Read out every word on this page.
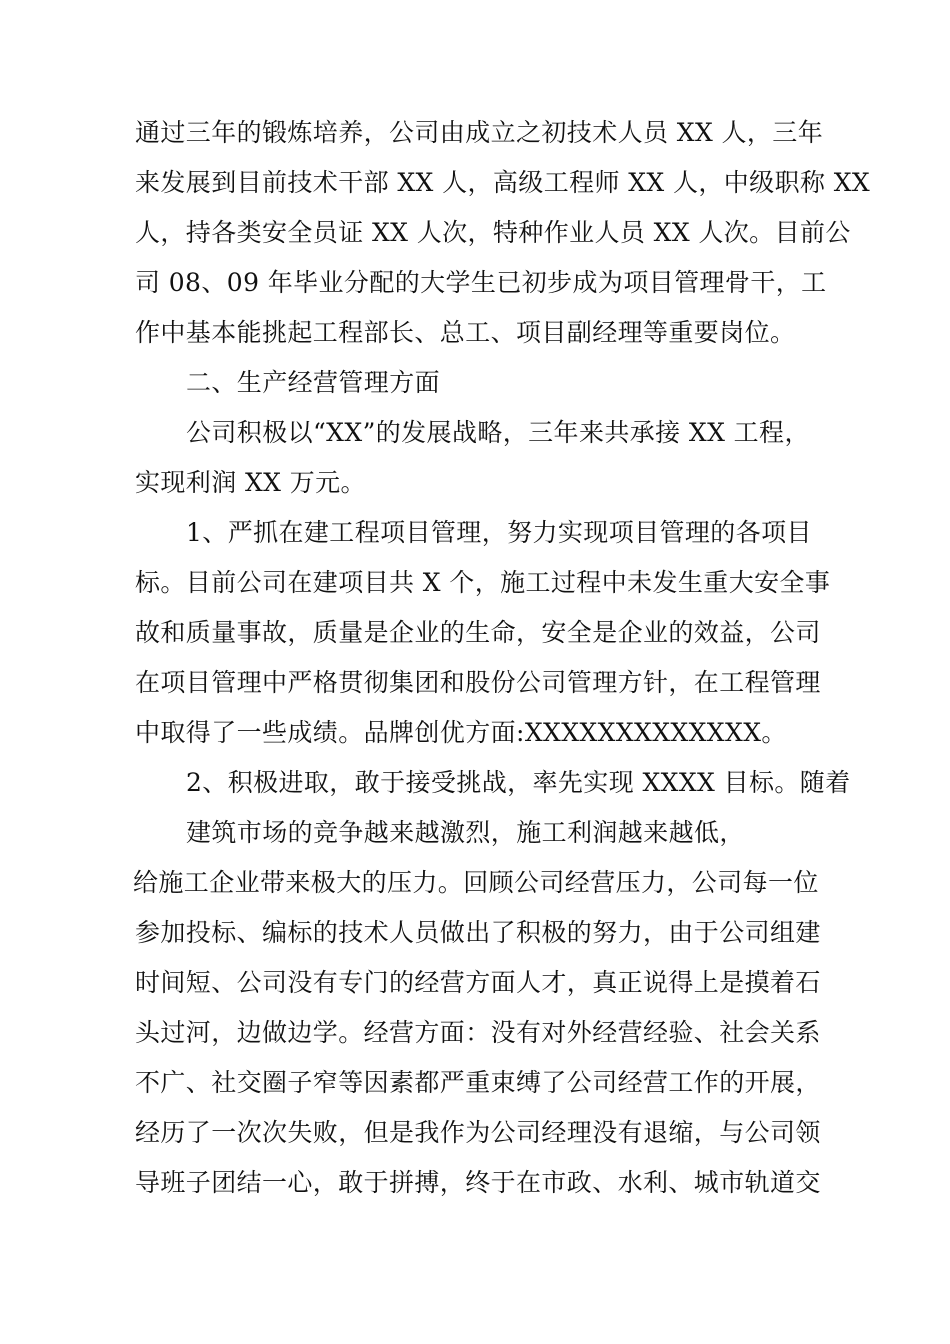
通过三年的锻炼培养，公司由成立之初技术人员 XX 人，三年
来发展到目前技术干部 XX 人，高级工程师 XX 人，中级职称 XX
人，持各类安全员证 XX 人次，特种作业人员 XX 人次。目前公
司 08、09 年毕业分配的大学生已初步成为项目管理骨干，工
作中基本能挑起工程部长、总工、项目副经理等重要岗位。
二、生产经营管理方面
公司积极以“XX”的发展战略，三年来共承接 XX 工程，
实现利润 XX 万元。
1、严抓在建工程项目管理，努力实现项目管理的各项目
标。目前公司在建项目共 X 个，施工过程中未发生重大安全事
故和质量事故，质量是企业的生命，安全是企业的效益，公司
在项目管理中严格贯彻集团和股份公司管理方针，在工程管理
中取得了一些成绩。品牌创优方面:XXXXXXXXXXXXX。
2、积极进取，敢于接受挑战，率先实现 XXXX 目标。随着
建筑市场的竞争越来越激烈，施工利润越来越低，
给施工企业带来极大的压力。回顾公司经营压力，公司每一位
参加投标、编标的技术人员做出了积极的努力，由于公司组建
时间短、公司没有专门的经营方面人才，真正说得上是摸着石
头过河，边做边学。经营方面：没有对外经营经验、社会关系
不广、社交圈子窄等因素都严重束缚了公司经营工作的开展，
经历了一次次失败，但是我作为公司经理没有退缩，与公司领
导班子团结一心，敢于拼搏，终于在市政、水利、城市轨道交
